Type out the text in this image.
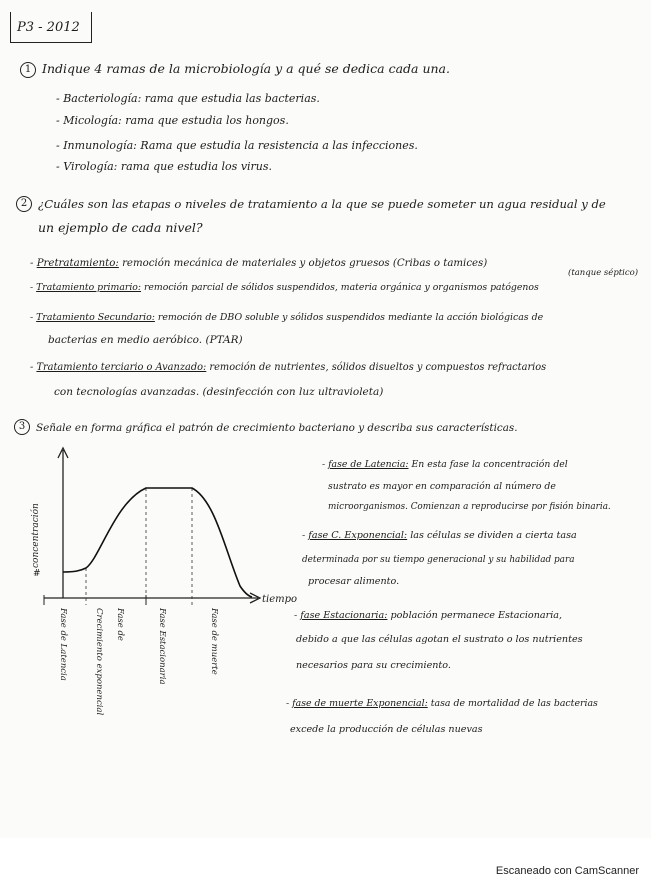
P3 - 2012
1 Indique 4 ramas de la microbiología y a qué se dedica cada una.
- Bacteriología: rama que estudia las bacterias.
- Micología: rama que estudia los hongos.
- Inmunología: Rama que estudia la resistencia a las infecciones.
- Virología: rama que estudia los virus.
2 ¿Cuáles son las etapas o niveles de tratamiento a la que se puede someter un agua residual y de
un ejemplo de cada nivel?
- Pretratamiento: remoción mecánica de materiales y objetos gruesos (Cribas o tamices)
(tanque séptico)
- Tratamiento primario: remoción parcial de sólidos suspendidos, materia orgánica y organismos patógenos
- Tratamiento Secundario: remoción de DBO soluble y sólidos suspendidos mediante la acción biológicas de
bacterias en medio aeróbico. (PTAR)
- Tratamiento terciario o Avanzado: remoción de nutrientes, sólidos disueltos y compuestos refractarios
con tecnologías avanzadas. (desinfección con luz ultravioleta)
3	Señale en forma gráfica el patrón de crecimiento bacteriano y describa sus características.
concentración
#
tiempo
Fase de Latencia	Crecimiento exponencial Fase de	Fase Estacionaria	Fase de muerte
- fase de Latencia: En esta fase la concentración del
sustrato es mayor en comparación al número de
microorganismos. Comienzan a reproducirse por fisión binaria.
- fase C. Exponencial: las células se dividen a cierta tasa
determinada por su tiempo generacional y su habilidad para
procesar alimento.
- fase Estacionaria: población permanece Estacionaria,
debido a que las células agotan el sustrato o los nutrientes
necesarios para su crecimiento.
- fase de muerte Exponencial: tasa de mortalidad de las bacterias
excede la producción de células nuevas
Escaneado con CamScanner
